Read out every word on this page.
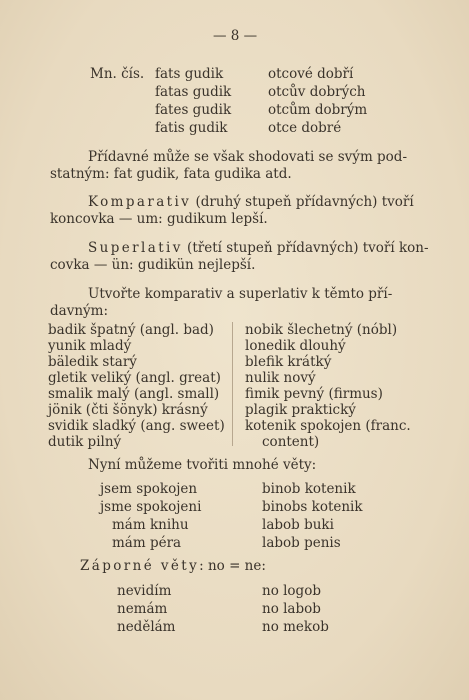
— 8 —
Mn. čís. fats gudik
fatas gudik
fates gudik
fatis gudik
otcové dobří
otcův dobrých
otcům dobrým
otce dobré
Přídavné může se však shodovati se svým pod-
statným: fat gudik, fata gudika atd.
Komparativ (druhý stupeň přídavných) tvoří
koncovka — um: gudikum lepší.
Superlativ (třetí stupeň přídavných) tvoří kon-
covka — ün: gudikün nejlepší.
Utvořte komparativ a superlativ k těmto pří-
davným:
badik špatný (angl. bad)
yunik mladý
bäledik starý
gletik veliký (angl. great)
smalik malý (angl. small)
jönik (čti šönyk) krásný
svidik sladký (ang. sweet)
dutik pilný
nobik šlechetný (nóbl)
lonedik dlouhý
blefik krátký
nulik nový
fimik pevný (firmus)
plagik praktický
kotenik spokojen (franc.
content)
Nyní můžeme tvořiti mnohé věty:
jsem spokojen
jsme spokojeni
mám knihu
mám péra
binob kotenik
binobs kotenik
labob buki
labob penis
Záporné věty: no = ne:
nevidím
nemám
nedělám
no logob
no labob
no mekob
